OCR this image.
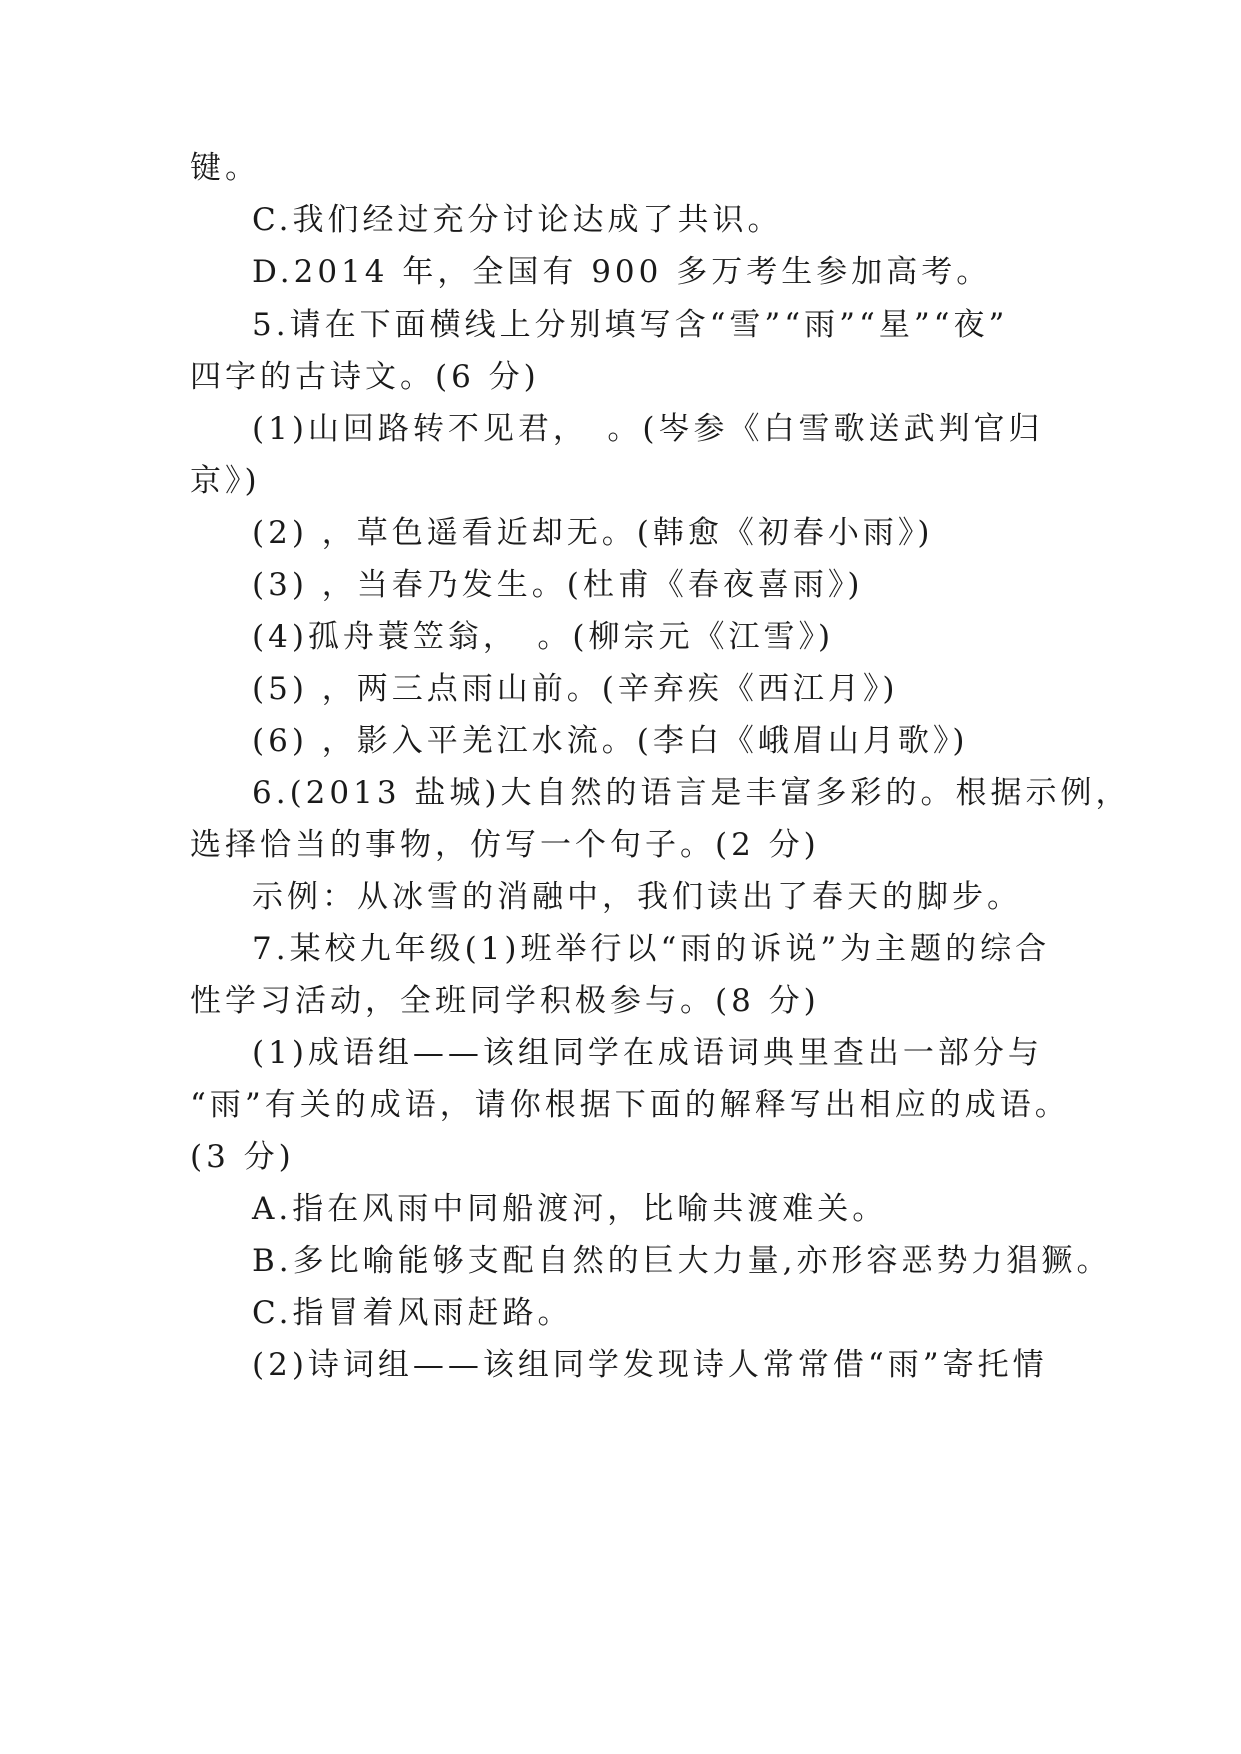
键。
C.我们经过充分讨论达成了共识。
D.2014 年，全国有 900 多万考生参加高考。
5.请在下面横线上分别填写含“雪”“雨”“星”“夜”
四字的古诗文。(6 分)
(1)山回路转不见君，　。(岑参《白雪歌送武判官归
京》)
(2) ，草色遥看近却无。(韩愈《初春小雨》)
(3) ，当春乃发生。(杜甫《春夜喜雨》)
(4)孤舟蓑笠翁，　。(柳宗元《江雪》)
(5) ，两三点雨山前。(辛弃疾《西江月》)
(6) ，影入平羌江水流。(李白《峨眉山月歌》)
6.(2013 盐城)大自然的语言是丰富多彩的。根据示例，
选择恰当的事物，仿写一个句子。(2 分)
示例：从冰雪的消融中，我们读出了春天的脚步。
7.某校九年级(1)班举行以“雨的诉说”为主题的综合
性学习活动，全班同学积极参与。(8 分)
(1)成语组——该组同学在成语词典里查出一部分与
“雨”有关的成语，请你根据下面的解释写出相应的成语。
(3 分)
A.指在风雨中同船渡河，比喻共渡难关。
B.多比喻能够支配自然的巨大力量,亦形容恶势力猖獗。
C.指冒着风雨赶路。
(2)诗词组——该组同学发现诗人常常借“雨”寄托情
